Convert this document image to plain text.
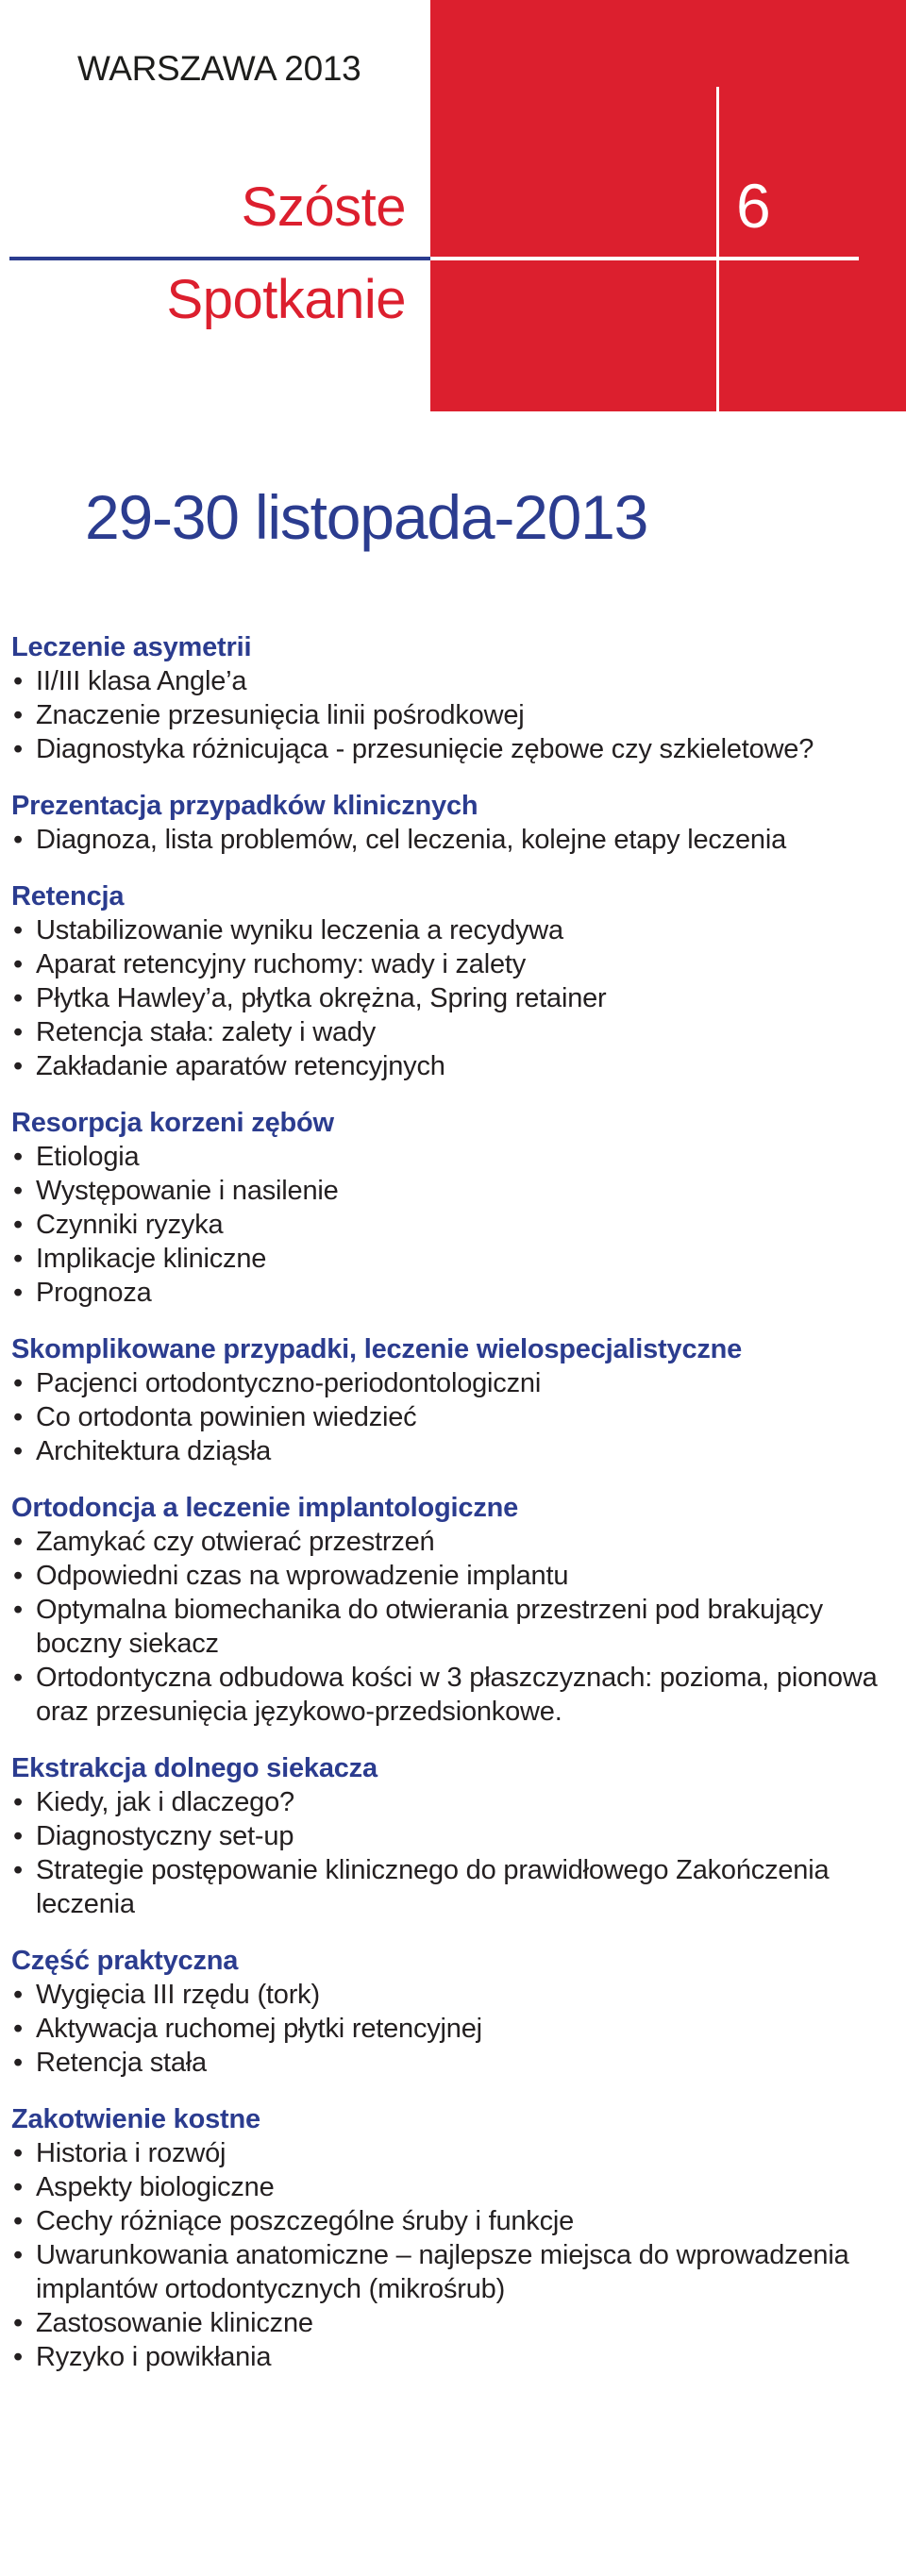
WARSZAWA 2013
Szóste
Spotkanie
6
29-30 listopada-2013
Leczenie asymetrii
• II/III klasa Angle’a
• Znaczenie przesunięcia linii pośrodkowej
• Diagnostyka różnicująca - przesunięcie zębowe czy szkieletowe?
Prezentacja przypadków klinicznych
• Diagnoza, lista problemów, cel leczenia, kolejne etapy leczenia
Retencja
• Ustabilizowanie wyniku leczenia a recydywa
• Aparat retencyjny ruchomy: wady i zalety
• Płytka Hawley’a, płytka okrężna, Spring retainer
• Retencja stała: zalety i wady
• Zakładanie aparatów retencyjnych
Resorpcja korzeni zębów
• Etiologia
• Występowanie i nasilenie
• Czynniki ryzyka
• Implikacje kliniczne
• Prognoza
Skomplikowane przypadki, leczenie wielospecjalistyczne
• Pacjenci ortodontyczno-periodontologiczni
• Co ortodonta powinien wiedzieć
• Architektura dziąsła
Ortodoncja a leczenie implantologiczne
• Zamykać czy otwierać przestrzeń
• Odpowiedni czas na wprowadzenie implantu
• Optymalna biomechanika do otwierania przestrzeni pod brakujący boczny siekacz
• Ortodontyczna odbudowa kości w 3 płaszczyznach: pozioma, pionowa oraz przesunięcia językowo-przedsionkowe.
Ekstrakcja dolnego siekacza
• Kiedy, jak i dlaczego?
• Diagnostyczny set-up
• Strategie postępowanie klinicznego do prawidłowego Zakończenia leczenia
Część praktyczna
• Wygięcia III rzędu (tork)
• Aktywacja ruchomej płytki retencyjnej
• Retencja stała
Zakotwienie kostne
• Historia i rozwój
• Aspekty biologiczne
• Cechy różniące poszczególne śruby i funkcje
• Uwarunkowania anatomiczne – najlepsze miejsca do wprowadzenia implantów ortodontycznych (mikrośrub)
• Zastosowanie kliniczne
• Ryzyko i powikłania
